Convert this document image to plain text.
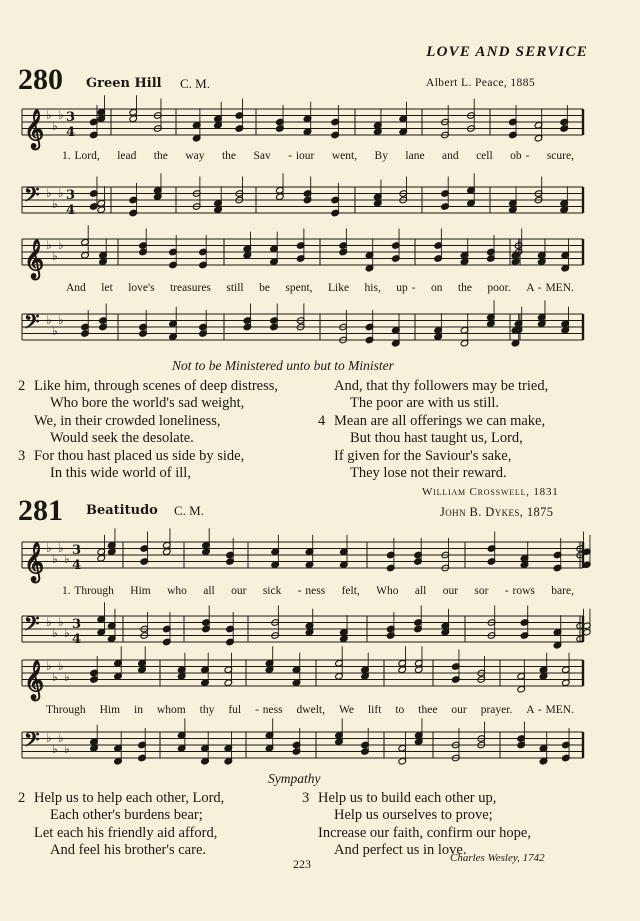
LOVE AND SERVICE
280 Green Hill C. M.	Albert L. Peace, 1885
𝄞 ♭
♭
♭ 3
4
𝄢 ♭
♭
♭ 3
4
𝄞 ♭
♭
♭
𝄢 ♭
♭
♭
𝄞 ♭
♭
♭
♭
3
4
𝄢 ♭
♭
♭
♭
3
4
𝄞 ♭
♭
♭
♭
𝄢 ♭
♭
♭
♭
1. Lord, lead the way the Sav - iour went, By lane and cell ob - scure,
And let love's treasures still be spent, Like his, up - on the poor. A - MEN.
Not to be Ministered unto but to Minister
2 Like him, through scenes of deep distress,
Who bore the world's sad weight,
We, in their crowded loneliness,
Would seek the desolate.
3 For thou hast placed us side by side,
In this wide world of ill,
And, that thy followers may be tried,
The poor are with us still.
4 Mean are all offerings we can make,
But thou hast taught us, Lord,
If given for the Saviour's sake,
They lose not their reward.
William Crosswell, 1831
281 Beatitudo C. M.	John B. Dykes, 1875
1. Through Him who all our sick - ness felt, Who all our sor - rows bare,
Through Him in whom thy ful - ness dwelt, We lift to thee our prayer. A - MEN.
Sympathy
2 Help us to help each other, Lord,
Each other's burdens bear;
Let each his friendly aid afford,
And feel his brother's care.
3 Help us to build each other up,
Help us ourselves to prove;
Increase our faith, confirm our hope,
And perfect us in love.
223	Charles Wesley, 1742
